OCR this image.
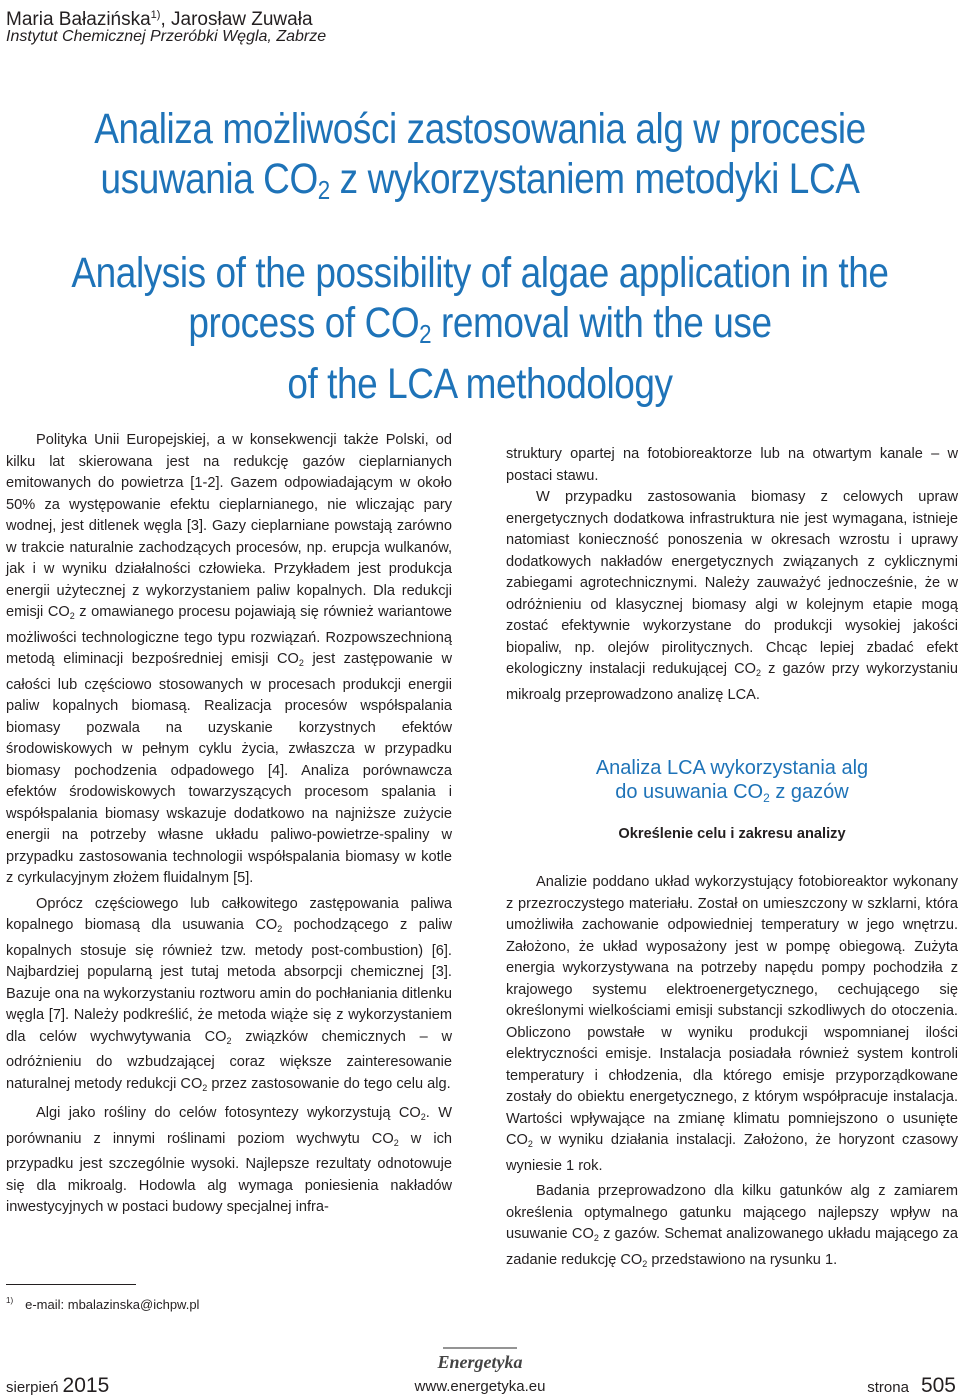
Maria Bałazińska$^{1)}$, Jarosław Zuwała
Instytut Chemicznej Przeróbki Węgla, Zabrze
Analiza możliwości zastosowania alg w procesie
usuwania $CO_2$ z wykorzystaniem metodyki LCA
Analysis of the possibility of algae application in the
process of $CO_2$ removal with the use
of the LCA methodology

Polityka Unii Europejskiej, a w konsekwencji także Polski, od kilku lat skierowana jest na redukcję gazów cieplarnianych emitowanych do powietrza [1-2]. Gazem odpowiadającym w około 50% za występowanie efektu cieplarnianego, nie wliczając pary wodnej, jest ditlenek węgla [3]. Gazy cieplarniane powstają zarówno w trakcie naturalnie zachodzących procesów, np. erupcja wulkanów, jak i w wyniku działalności człowieka. Przykładem jest produkcja energii użytecznej z wykorzystaniem paliw kopalnych. Dla redukcji emisji $CO_2$ z omawianego procesu pojawiają się również wariantowe możliwości technologiczne tego typu rozwiązań. Rozpowszechnioną metodą eliminacji bezpośredniej emisji $CO_2$ jest zastępowanie w całości lub częściowo stosowanych w procesach produkcji energii paliw kopalnych biomasą. Realizacja procesów współspalania biomasy pozwala na uzyskanie korzystnych efektów środowiskowych w pełnym cyklu życia, zwłaszcza w przypadku biomasy pochodzenia odpadowego [4]. Analiza porównawcza efektów środowiskowych towarzyszących procesom spalania i współspalania biomasy wskazuje dodatkowo na najniższe zużycie energii na potrzeby własne układu paliwo-powietrze-spaliny w przypadku zastosowania technologii współspalania biomasy w kotle z cyrkulacyjnym złożem fluidalnym [5].

Oprócz częściowego lub całkowitego zastępowania paliwa kopalnego biomasą dla usuwania $CO_2$ pochodzącego z paliw kopalnych stosuje się również tzw. metody post-combustion) [6]. Najbardziej popularną jest tutaj metoda absorpcji chemicznej [3]. Bazuje ona na wykorzystaniu roztworu amin do pochłaniania ditlenku węgla [7]. Należy podkreślić, że metoda wiąże się z wykorzystaniem dla celów wychwytywania $CO_2$ związków chemicznych – w odróżnieniu do wzbudzającej coraz większe zainteresowanie naturalnej metody redukcji $CO_2$ przez zastosowanie do tego celu alg.

Algi jako rośliny do celów fotosyntezy wykorzystują $CO_2$. W porównaniu z innymi roślinami poziom wychwytu $CO_2$ w ich przypadku jest szczególnie wysoki. Najlepsze rezultaty odnotowuje się dla mikroalg. Hodowla alg wymaga poniesienia nakładów inwestycyjnych w postaci budowy specjalnej infra-

struktury opartej na fotobioreaktorze lub na otwartym kanale – w postaci stawu.

W przypadku zastosowania biomasy z celowych upraw energetycznych dodatkowa infrastruktura nie jest wymagana, istnieje natomiast konieczność ponoszenia w okresach wzrostu i uprawy dodatkowych nakładów energetycznych związanych z cyklicznymi zabiegami agrotechnicznymi. Należy zauważyć jednocześnie, że w odróżnieniu od klasycznej biomasy algi w kolejnym etapie mogą zostać efektywnie wykorzystane do produkcji wysokiej jakości biopaliw, np. olejów pirolitycznych. Chcąc lepiej zbadać efekt ekologiczny instalacji redukującej $CO_2$ z gazów przy wykorzystaniu mikroalg przeprowadzono analizę LCA.

Analiza LCA wykorzystania alg
do usuwania $CO_2$ z gazów
Określenie celu i zakresu analizy

Analizie poddano układ wykorzystujący fotobioreaktor wykonany z przezroczystego materiału. Został on umieszczony w szklarni, która umożliwiła zachowanie odpowiedniej temperatury w jego wnętrzu. Założono, że układ wyposażony jest w pompę obiegową. Zużyta energia wykorzystywana na potrzeby napędu pompy pochodziła z krajowego systemu elektroenergetycznego, cechującego się określonymi wielkościami emisji substancji szkodliwych do otoczenia. Obliczono powstałe w wyniku produkcji wspomnianej ilości elektryczności emisje. Instalacja posiadała również system kontroli temperatury i chłodzenia, dla którego emisje przyporządkowane zostały do obiektu energetycznego, z którym współpracuje instalacja. Wartości wpływające na zmianę klimatu pomniejszono o usunięte $CO_2$ w wyniku działania instalacji. Założono, że horyzont czasowy wyniesie 1 rok.

Badania przeprowadzono dla kilku gatunków alg z zamiarem określenia optymalnego gatunku mającego najlepszy wpływ na usuwanie $CO_2$ z gazów. Schemat analizowanego układu mającego za zadanie redukcję $CO_2$ przedstawiono na rysunku 1.

$^{1)}$ e-mail: mbalazinska@ichpw.pl
Energetyka
sierpień 2015	www.energetyka.eu	strona 505
